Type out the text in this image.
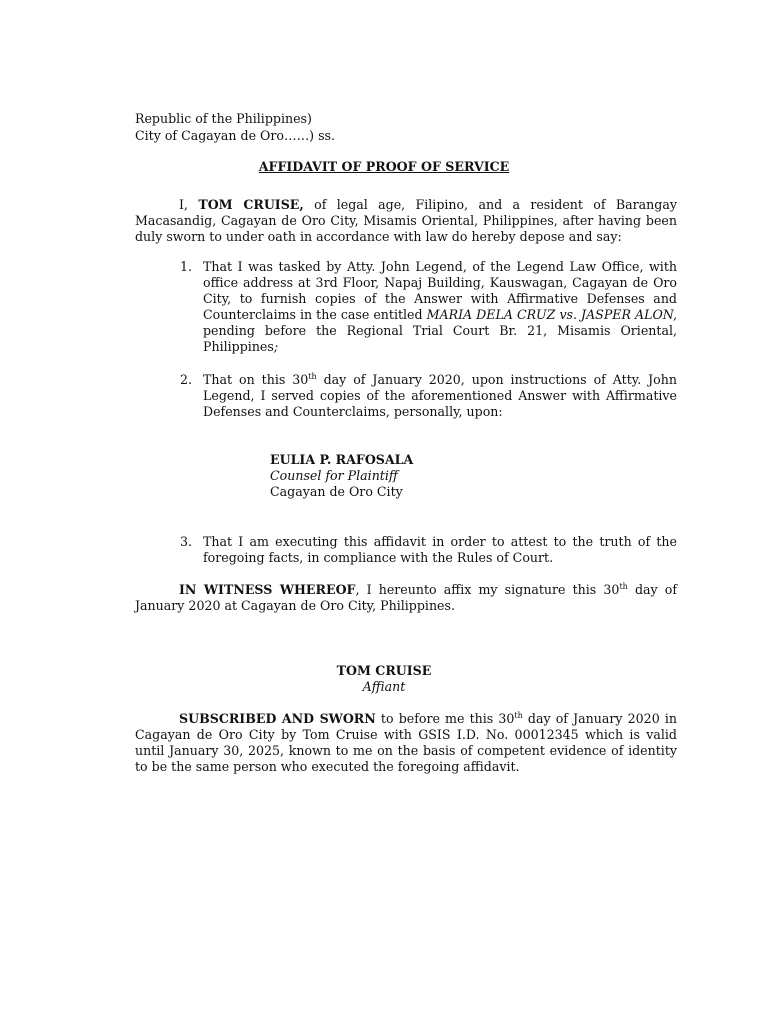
Republic of the Philippines)
City of Cagayan de Oro……) ss.
AFFIDAVIT OF PROOF OF SERVICE
I, TOM CRUISE, of legal age, Filipino, and a resident of Barangay Macasandig, Cagayan de Oro City, Misamis Oriental, Philippines, after having been duly sworn to under oath in accordance with law do hereby depose and say:
1. That I was tasked by Atty. John Legend, of the Legend Law Office, with office address at 3rd Floor, Napaj Building, Kauswagan, Cagayan de Oro City, to furnish copies of the Answer with Affirmative Defenses and Counterclaims in the case entitled MARIA DELA CRUZ vs. JASPER ALON, pending before the Regional Trial Court Br. 21, Misamis Oriental, Philippines;
2. That on this 30th day of January 2020, upon instructions of Atty. John Legend, I served copies of the aforementioned Answer with Affirmative Defenses and Counterclaims, personally, upon:
EULIA P. RAFOSALA
Counsel for Plaintiff
Cagayan de Oro City
3. That I am executing this affidavit in order to attest to the truth of the foregoing facts, in compliance with the Rules of Court.
IN WITNESS WHEREOF, I hereunto affix my signature this 30th day of January 2020 at Cagayan de Oro City, Philippines.
TOM CRUISE
Affiant
SUBSCRIBED AND SWORN to before me this 30th day of January 2020 in Cagayan de Oro City by Tom Cruise with GSIS I.D. No. 00012345 which is valid until January 30, 2025, known to me on the basis of competent evidence of identity to be the same person who executed the foregoing affidavit.
